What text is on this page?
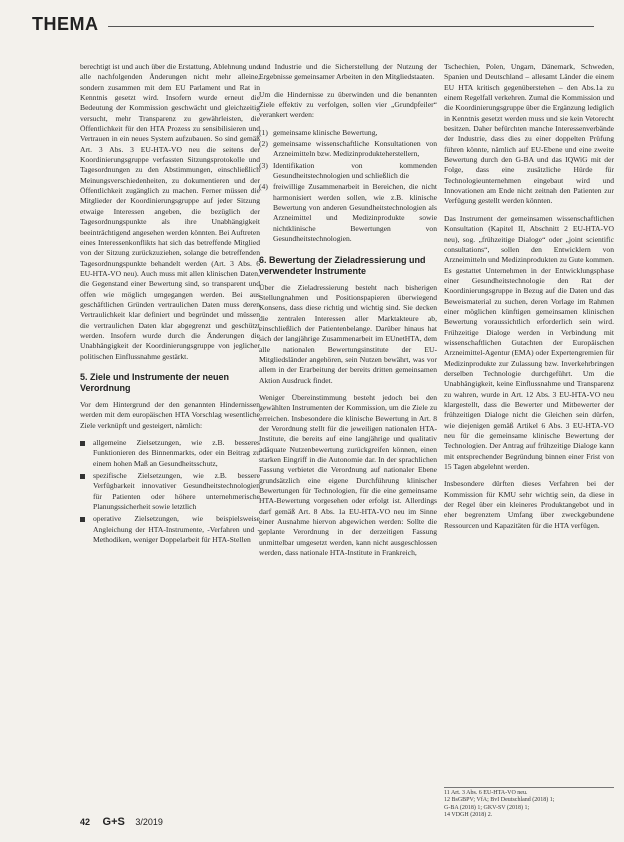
THEMA

berechtigt ist und auch über die Erstattung, Ablehnung und alle nachfolgenden Änderungen nicht mehr alleine, sondern zusammen mit dem EU Parlament und Rat in Kenntnis gesetzt wird. Insofern wurde erneut die Bedeutung der Kommission geschwächt und gleichzeitig versucht, mehr Transparenz zu gewährleisten, die Öffentlichkeit für den HTA Prozess zu sensibilisieren und Vertrauen in ein neues System aufzubauen. So sind gemäß Art. 3 Abs. 3 EU-HTA-VO neu die seitens der Koordinierungsgruppe verfassten Sitzungsprotokolle und Tagesordnungen zu den Abstimmungen, einschließlich Meinungsverschiedenheiten, zu dokumentieren und der Öffentlichkeit zugänglich zu machen. Ferner müssen die Mitglieder der Koordinierungsgruppe auf jeder Sitzung etwaige Interessen angeben, die bezüglich der Tagesordnungspunkte als ihre Unabhängigkeit beeinträchtigend angesehen werden könnten. Bei Auftreten eines Interessenkonflikts hat sich das betreffende Mitglied von der Sitzung zurückzuziehen, solange die betreffenden Tagesordnungspunkte behandelt werden (Art. 3 Abs. 6 EU-HTA-VO neu). Auch muss mit allen klinischen Daten, die Gegenstand einer Bewertung sind, so transparent und offen wie möglich umgegangen werden. Bei aus geschäftlichen Gründen vertraulichen Daten muss deren Vertraulichkeit klar definiert und begründet und müssen die vertraulichen Daten klar abgegrenzt und geschützt werden. Insofern wurde durch die Änderungen die Unabhängigkeit der Koordinierungsgruppe von jeglicher politischen Einflussnahme gestärkt.

5. Ziele und Instrumente der neuen Verordnung

Vor dem Hintergrund der den genannten Hindernissen werden mit dem europäischen HTA Vorschlag wesentliche Ziele verknüpft und gesteigert, nämlich:

allgemeine Zielsetzungen, wie z.B. besseres Funktionieren des Binnenmarkts, oder ein Beitrag zu einem hohen Maß an Gesundheitsschutz,
spezifische Zielsetzungen, wie z.B. bessere Verfügbarkeit innovativer Gesundheitstechnologien für Patienten oder höhere unternehmerische Planungssicherheit sowie letztlich
operative Zielsetzungen, wie beispielsweise Angleichung der HTA-Instrumente, -Verfahren und -Methodiken, weniger Doppelarbeit für HTA-Stellen

und Industrie und die Sicherstellung der Nutzung der Ergebnisse gemeinsamer Arbeiten in den Mitgliedstaaten.

Um die Hindernisse zu überwinden und die benannten Ziele effektiv zu verfolgen, sollen vier „Grundpfeiler“ verankert werden:

(1) gemeinsame klinische Bewertung,
(2) gemeinsame wissenschaftliche Konsultationen von Arzneimitteln bzw. Medizinprodukteherstellern,
(3) Identifikation von kommenden Gesundheitstechnologien und schließlich die
(4) freiwillige Zusammenarbeit in Bereichen, die nicht harmonisiert werden sollen, wie z.B. klinische Bewertung von anderen Gesundheitstechnologien als Arzneimittel und Medizinprodukte sowie nichtklinische Bewertungen von Gesundheitstechnologien.
6. Bewertung der Zieladressierung und verwendeter Instrumente

Über die Zieladressierung besteht nach bisherigen Stellungnahmen und Positionspapieren überwiegend Konsens, dass diese richtig und wichtig sind. Sie decken die zentralen Interessen aller Marktakteure ab, einschließlich der Patientenbelange. Darüber hinaus hat sich der langjährige Zusammenarbeit im EUnetHTA, dem alle nationalen Bewertungsinstitute der EU-Mitgliedsländer angehören, sein Nutzen bewährt, was vor allem in der Erarbeitung der bereits dritten gemeinsamen Aktion Ausdruck findet.

Weniger Übereinstimmung besteht jedoch bei den gewählten Instrumenten der Kommission, um die Ziele zu erreichen. Insbesondere die klinische Bewertung in Art. 8 der Verordnung stellt für die jeweiligen nationalen HTA-Institute, die bereits auf eine langjährige und qualitativ adäquate Nutzenbewertung zurückgreifen können, einen starken Eingriff in die Autonomie dar. In der sprachlichen Fassung verbietet die Verordnung auf nationaler Ebene grundsätzlich eine eigene Durchführung klinischer Bewertungen für Technologien, für die eine gemeinsame HTA-Bewertung vorgesehen oder erfolgt ist. Allerdings darf gemäß Art. 8 Abs. 1a EU-HTA-VO neu im Sinne einer Ausnahme hiervon abgewichen werden: Sollte die geplante Verordnung in der derzeitigen Fassung unmittelbar umgesetzt werden, kann nicht ausgeschlossen werden, dass nationale HTA-Institute in Frankreich,

Tschechien, Polen, Ungarn, Dänemark, Schweden, Spanien und Deutschland – allesamt Länder die einem EU HTA kritisch gegenüberstehen – den Abs.1a zu einem Regelfall verkehren. Zumal die Kommission und die Koordinierungsgruppe über die Ergänzung lediglich in Kenntnis gesetzt werden muss und sie kein Vetorecht besitzen. Daher befürchten manche Interessenverbände der Industrie, dass dies zu einer doppelten Prüfung führen könnte, nämlich auf EU-Ebene und eine zweite Bewertung durch den G-BA und das IQWiG mit der Folge, dass eine zusätzliche Hürde für Technologieunternehmen eingebaut wird und Innovationen am Ende nicht zeitnah den Patienten zur Verfügung gestellt werden könnten.

Das Instrument der gemeinsamen wissenschaftlichen Konsultation (Kapitel II, Abschnitt 2 EU-HTA-VO neu), sog. „frühzeitige Dialoge“ oder „joint scientific consultations“, sollen den Entwicklern von Arzneimitteln und Medizinprodukten zu Gute kommen. Es gestattet Unternehmen in der Entwicklungsphase einer Gesundheitstechnologie den Rat der Koordinierungsgruppe in Bezug auf die Daten und das Beweismaterial zu suchen, deren Vorlage im Rahmen einer möglichen künftigen gemeinsamen klinischen Bewertung voraussichtlich erforderlich sein wird. Frühzeitige Dialoge werden in Verbindung mit wissenschaftlichen Gutachten der Europäischen Arzneimittel-Agentur (EMA) oder Expertengremien für Medizinprodukte zur Zulassung bzw. Inverkehrbringen derselben Technologie durchgeführt. Um die Unabhängigkeit, keine Einflussnahme und Transparenz zu wahren, wurde in Art. 12 Abs. 3 EU-HTA-VO neu klargestellt, dass die Bewerter und Mitbewerter der frühzeitigen Dialoge nicht die Gleichen sein dürfen, wie diejenigen gemäß Artikel 6 Abs. 3 EU-HTA-VO neu für die gemeinsame klinische Bewertung der Technologien. Der Antrag auf frühzeitige Dialoge kann mit entsprechender Begründung binnen einer Frist von 15 Tagen abgelehnt werden.

Insbesondere dürften dieses Verfahren bei der Kommission für KMU sehr wichtig sein, da diese in der Regel über ein kleineres Produktangebot und in eher begrenztem Umfang über zweckgebundene Ressourcen und Kapazitäten für die HTA verfügen.

11 Art. 3 Abs. 6 EU-HTA-VO neu.
12 BsGBPV; VfA; BvI Deutschland (2018) 1;
G-BA (2018) 1; GKV-SV (2018) 1;
14 VDGH (2018) 2.
42 G+S 3/2019
